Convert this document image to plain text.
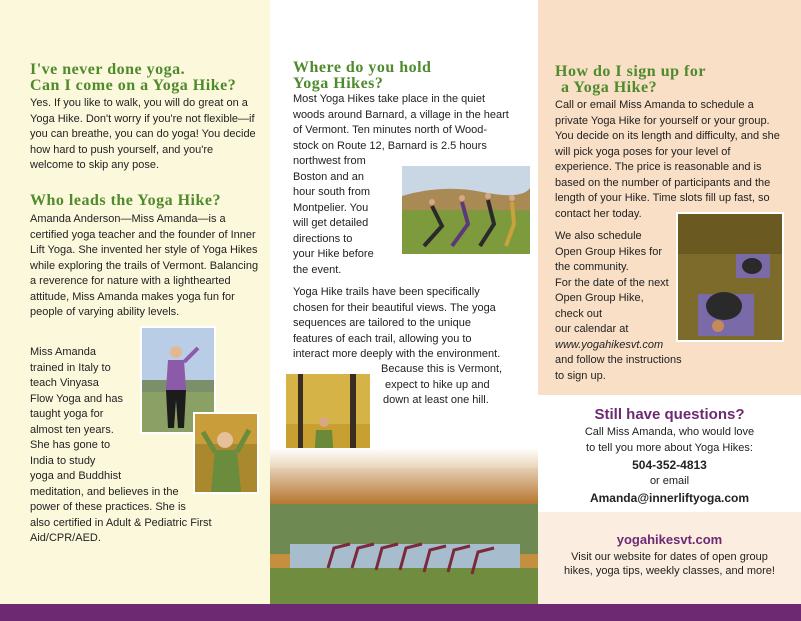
I've never done yoga.
Can I come on a Yoga Hike?

Yes. If you like to walk, you will do great on a Yoga Hike. Don't worry if you're not flexible—if you can breathe, you can do yoga! You decide how hard to push yourself, and you're welcome to skip any pose.

Who leads the Yoga Hike?

Amanda Anderson—Miss Amanda—is a certified yoga teacher and the founder of Inner Lift Yoga. She invented her style of Yoga Hikes while exploring the trails of Vermont. Balancing a reverence for nature with a lighthearted attitude, Miss Amanda makes yoga fun for people of varying ability levels.

Miss Amanda

trained in Italy to

teach Vinyasa

Flow Yoga and has

taught yoga for

almost ten years.

She has gone to

India to study

yoga and Buddhist

meditation, and believes in the

power of these practices. She is

also certified in Adult & Pediatric First

Aid/CPR/AED.

Where do you hold
Yoga Hikes?

Most Yoga Hikes take place in the quiet

woods around Barnard, a village in the heart

of Vermont. Ten minutes north of Wood-

stock on Route 12, Barnard is 2.5 hours

northwest from

Boston and an

hour south from

Montpelier. You

will get detailed

directions to

your Hike before

the event.

Yoga Hike trails have been specifically

chosen for their beautiful views. The yoga

sequences are tailored to the unique

features of each trail, allowing you to

interact more deeply with the environment.

Because this is Vermont,

expect to hike up and

down at least one hill.

How do I sign up for
a Yoga Hike?

Call or email Miss Amanda to schedule a private Yoga Hike for yourself or your group. You decide on its length and difficulty, and she will pick yoga poses for your level of experience. The price is reasonable and is based on the number of participants and the length of your Hike. Time slots fill up fast, so contact her today.

We also schedule

Open Group Hikes for

the community.

For the date of the next

Open Group Hike,

check out

our calendar at

www.yogahikesvt.com

and follow the instructions

to sign up.

Still have questions?

Call Miss Amanda, who would love

to tell you more about Yoga Hikes:

504-352-4813

or email

Amanda@innerliftyoga.com
yogahikesvt.com

Visit our website for dates of open group

hikes, yoga tips, weekly classes, and more!
